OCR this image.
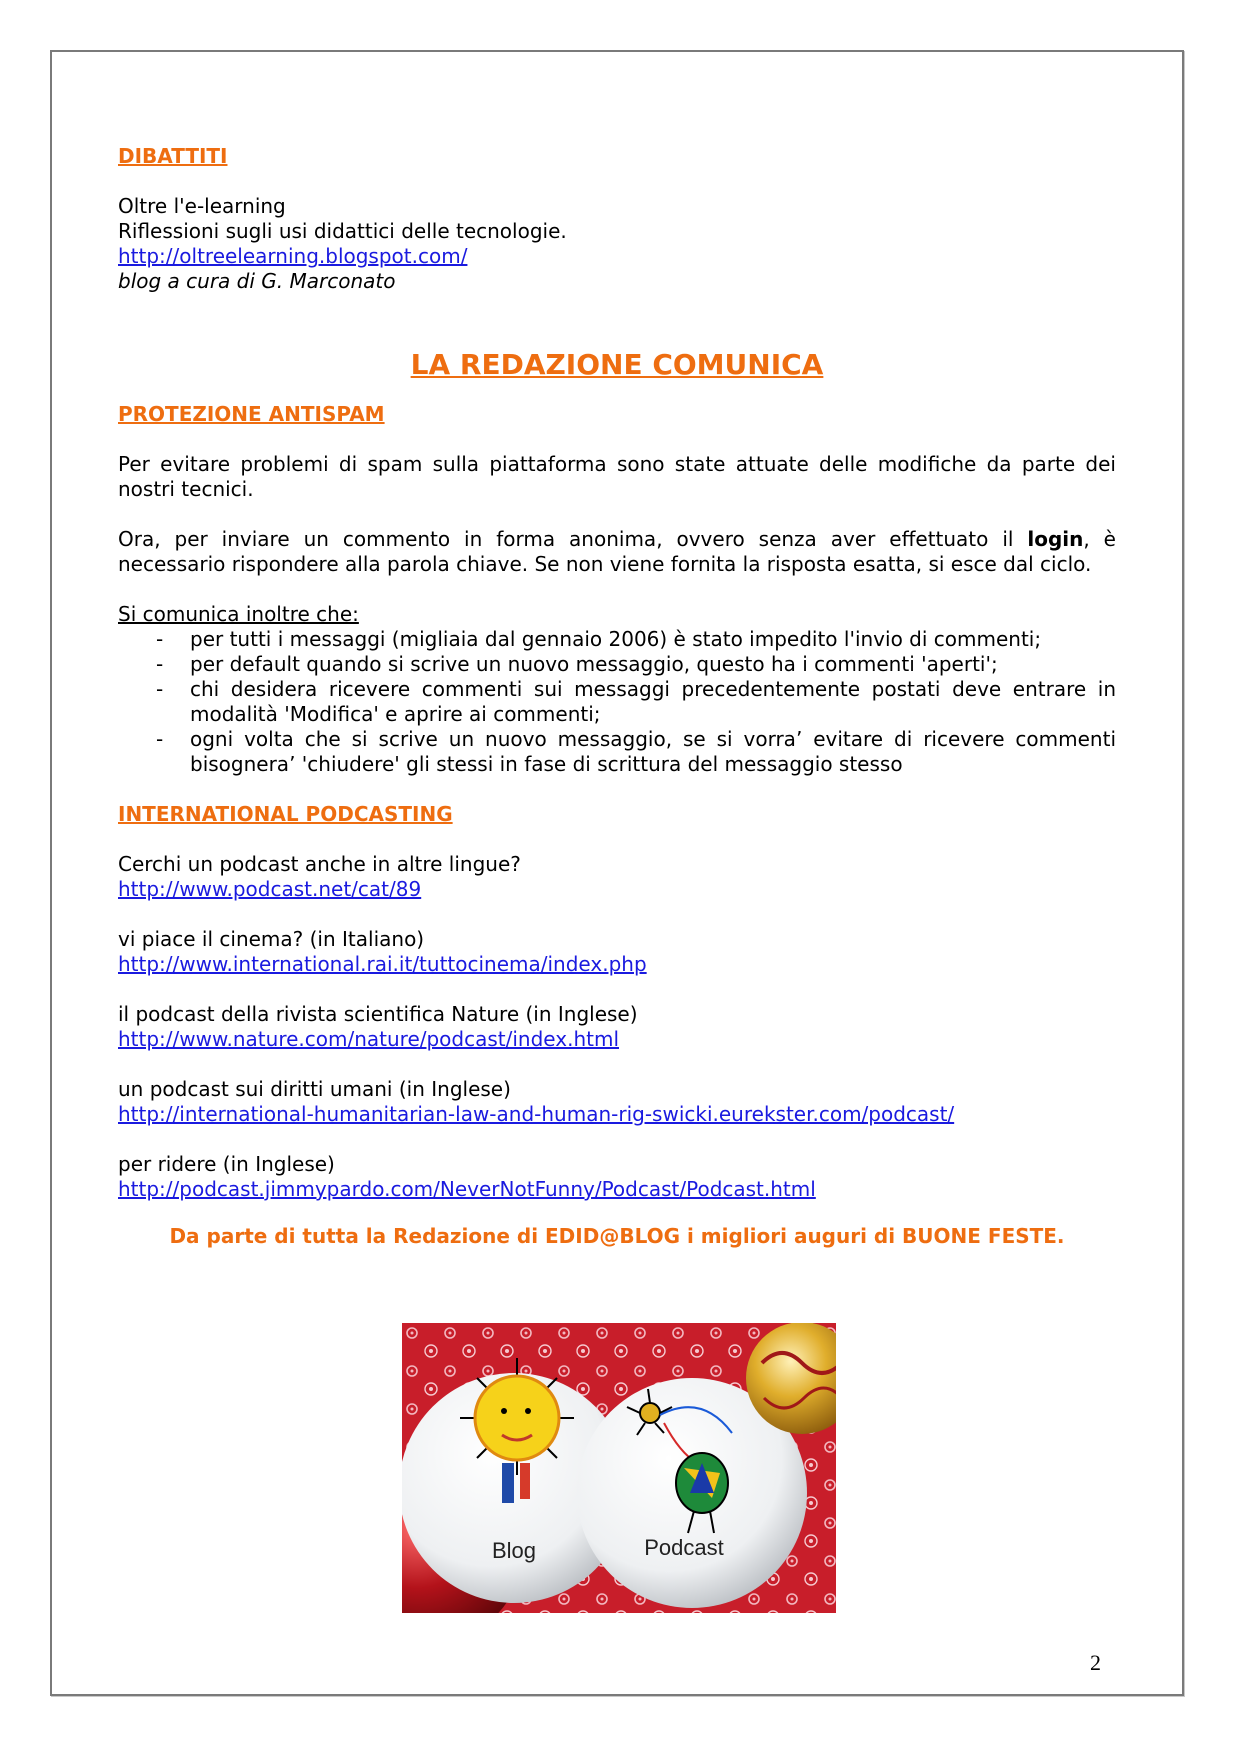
DIBATTITI

Oltre l'e-learning

Riflessioni sugli usi didattici delle tecnologie.

http://oltreelearning.blogspot.com/

blog a cura di G. Marconato

LA REDAZIONE COMUNICA

PROTEZIONE ANTISPAM

Per evitare problemi di spam sulla piattaforma sono state attuate delle modifiche da parte dei nostri tecnici.

Ora, per inviare un commento in forma anonima, ovvero senza aver effettuato il login, è necessario rispondere alla parola chiave. Se non viene fornita la risposta esatta, si esce dal ciclo.

Si comunica inoltre che:

- per tutti i messaggi (migliaia dal gennaio 2006) è stato impedito l'invio di commenti;
- per default quando si scrive un nuovo messaggio, questo ha i commenti 'aperti';
- chi desidera ricevere commenti sui messaggi precedentemente postati deve entrare in modalità 'Modifica' e aprire ai commenti;
- ogni volta che si scrive un nuovo messaggio, se si vorra’ evitare di ricevere commenti bisognera’ 'chiudere' gli stessi in fase di scrittura del messaggio stesso

INTERNATIONAL PODCASTING

Cerchi un podcast anche in altre lingue?

http://www.podcast.net/cat/89

vi piace il cinema? (in Italiano)

http://www.international.rai.it/tuttocinema/index.php

il podcast della rivista scientifica Nature (in Inglese)

http://www.nature.com/nature/podcast/index.html

un podcast sui diritti umani (in Inglese)

http://international-humanitarian-law-and-human-rig-swicki.eurekster.com/podcast/

per ridere (in Inglese)

http://podcast.jimmypardo.com/NeverNotFunny/Podcast/Podcast.html

Da parte di tutta la Redazione di EDID@BLOG i migliori auguri di BUONE FESTE.

Blog	Podcast
2
